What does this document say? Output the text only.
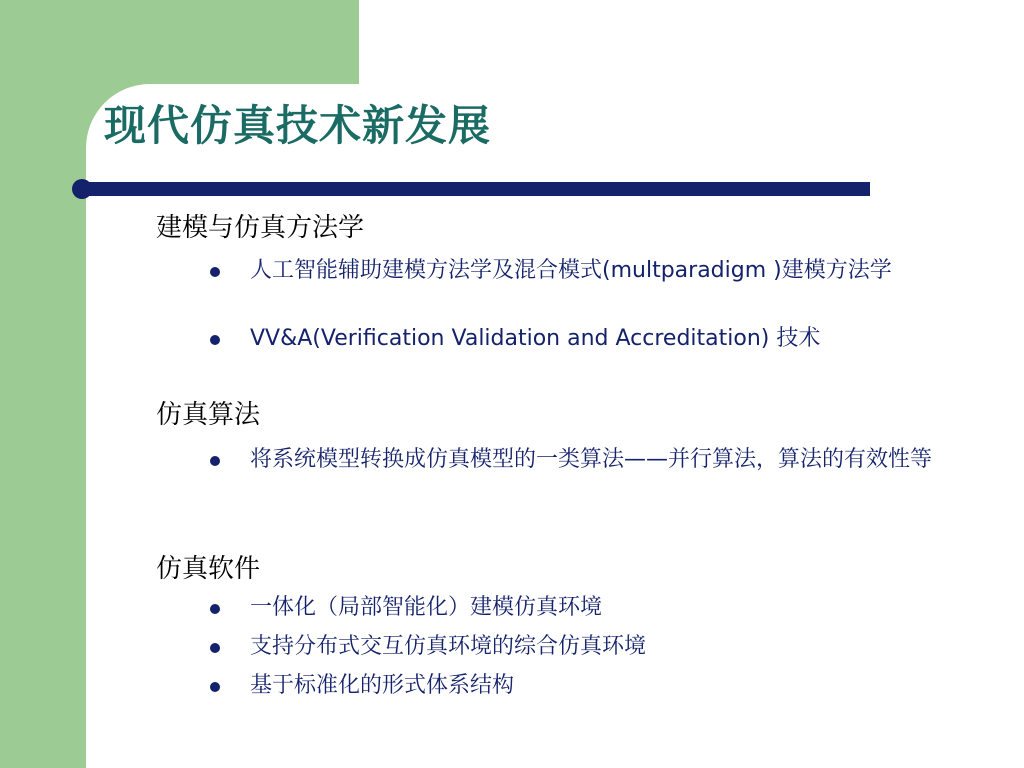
现代仿真技术新发展
建模与仿真方法学
人工智能辅助建模方法学及混合模式(multparadigm )建模方法学
VV&A(Verification Validation and Accreditation) 技术
仿真算法
将系统模型转换成仿真模型的一类算法——并行算法，算法的有效性等
仿真软件
一体化（局部智能化）建模仿真环境
支持分布式交互仿真环境的综合仿真环境
基于标准化的形式体系结构
